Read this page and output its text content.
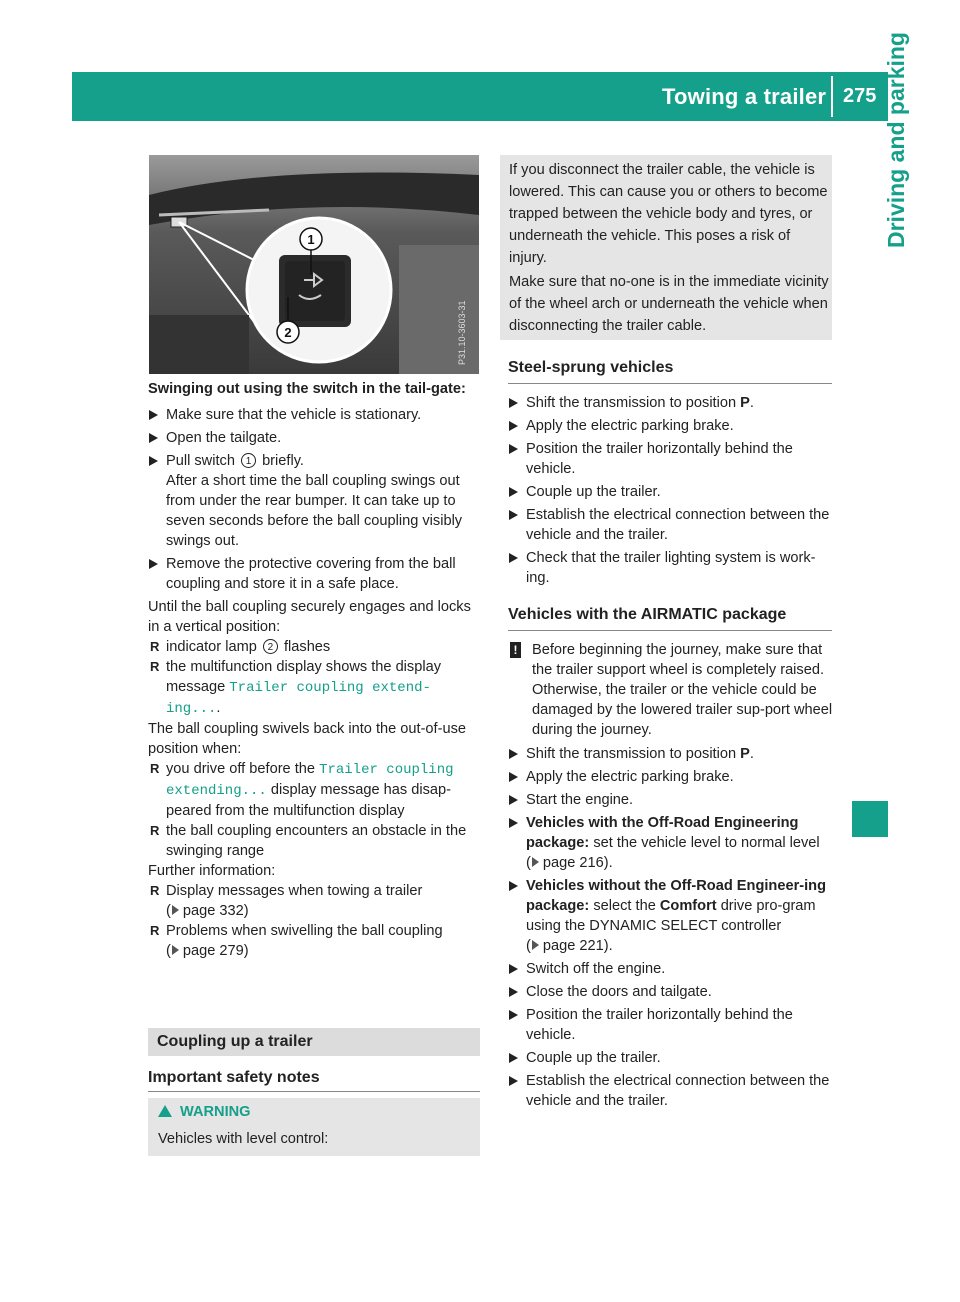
Towing a trailer 275 Driving and parking
1
2	P31.10-3603-31

Swinging out using the switch in the tail-gate:

Make sure that the vehicle is stationary.

Open the tailgate.

Pull switch 1 briefly.
After a short time the ball coupling swings out from under the rear bumper. It can take up to seven seconds before the ball coupling visibly swings out.

Remove the protective covering from the ball coupling and store it in a safe place.

Until the ball coupling securely engages and locks in a vertical position:

R indicator lamp 2 flashes
R the multifunction display shows the display message Trailer coupling extend-ing....

The ball coupling swivels back into the out-of-use position when:

R you drive off before the Trailer coupling extending... display message has disap-peared from the multifunction display

R the ball coupling encounters an obstacle in the swinging range

Further information:

R Display messages when towing a trailer
( page 332)
R Problems when swivelling the ball coupling
( page 279)
Coupling up a trailer
Important safety notes
WARNING
Vehicles with level control:

If you disconnect the trailer cable, the vehicle is lowered. This can cause you or others to become trapped between the vehicle body and tyres, or underneath the vehicle. This poses a risk of injury.

Make sure that no-one is in the immediate vicinity of the wheel arch or underneath the vehicle when disconnecting the trailer cable.

Steel-sprung vehicles
Shift the transmission to position P.

Apply the electric parking brake.

Position the trailer horizontally behind the vehicle.

Couple up the trailer.

Establish the electrical connection between the vehicle and the trailer.

Check that the trailer lighting system is work-ing.

Vehicles with the AIRMATIC package
! Before beginning the journey, make sure that the trailer support wheel is completely raised. Otherwise, the trailer or the vehicle could be damaged by the lowered trailer sup-port wheel during the journey.
Shift the transmission to position P.

Apply the electric parking brake.

Start the engine.

Vehicles with the Off-Road Engineering package: set the vehicle level to normal level
( page 216).
Vehicles without the Off-Road Engineer-ing package: select the Comfort drive pro-gram using the DYNAMIC SELECT controller
( page 221).

Switch off the engine.

Close the doors and tailgate.

Position the trailer horizontally behind the vehicle.

Couple up the trailer.

Establish the electrical connection between the vehicle and the trailer.
